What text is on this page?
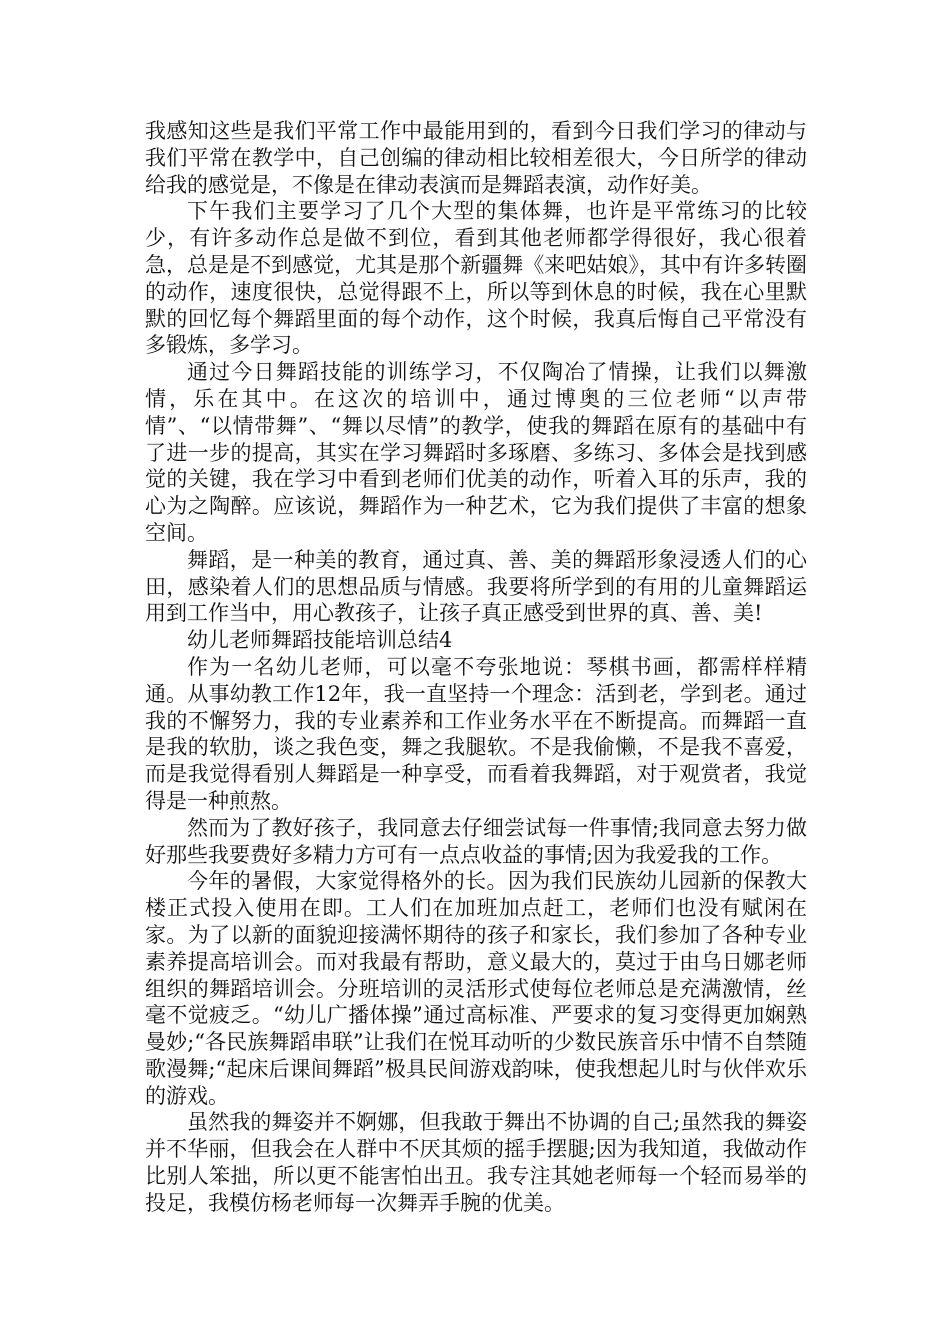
我感知这些是我们平常工作中最能用到的，看到今日我们学习的律动与我们平常在教学中，自己创编的律动相比较相差很大，今日所学的律动给我的感觉是，不像是在律动表演而是舞蹈表演，动作好美。

下午我们主要学习了几个大型的集体舞，也许是平常练习的比较少，有许多动作总是做不到位，看到其他老师都学得很好，我心很着急，总是是不到感觉，尤其是那个新疆舞《来吧姑娘》，其中有许多转圈的动作，速度很快，总觉得跟不上，所以等到休息的时候，我在心里默默的回忆每个舞蹈里面的每个动作，这个时候，我真后悔自己平常没有多锻炼，多学习。

通过今日舞蹈技能的训练学习，不仅陶冶了情操，让我们以舞激情，乐在其中。在这次的培训中，通过博奥的三位老师“以声带情”、“以情带舞”、“舞以尽情”的教学，使我的舞蹈在原有的基础中有了进一步的提高，其实在学习舞蹈时多琢磨、多练习、多体会是找到感觉的关键，我在学习中看到老师们优美的动作，听着入耳的乐声，我的心为之陶醉。应该说，舞蹈作为一种艺术，它为我们提供了丰富的想象空间。

舞蹈，是一种美的教育，通过真、善、美的舞蹈形象浸透人们的心田，感染着人们的思想品质与情感。我要将所学到的有用的儿童舞蹈运用到工作当中，用心教孩子，让孩子真正感受到世界的真、善、美!

幼儿老师舞蹈技能培训总结4

作为一名幼儿老师，可以毫不夸张地说：琴棋书画，都需样样精通。从事幼教工作12年，我一直坚持一个理念：活到老，学到老。通过我的不懈努力，我的专业素养和工作业务水平在不断提高。而舞蹈一直是我的软肋，谈之我色变，舞之我腿软。不是我偷懒，不是我不喜爱，而是我觉得看别人舞蹈是一种享受，而看着我舞蹈，对于观赏者，我觉得是一种煎熬。

然而为了教好孩子，我同意去仔细尝试每一件事情;我同意去努力做好那些我要费好多精力方可有一点点收益的事情;因为我爱我的工作。

今年的暑假，大家觉得格外的长。因为我们民族幼儿园新的保教大楼正式投入使用在即。工人们在加班加点赶工，老师们也没有赋闲在家。为了以新的面貌迎接满怀期待的孩子和家长，我们参加了各种专业素养提高培训会。而对我最有帮助，意义最大的，莫过于由乌日娜老师组织的舞蹈培训会。分班培训的灵活形式使每位老师总是充满激情，丝毫不觉疲乏。“幼儿广播体操”通过高标准、严要求的复习变得更加娴熟曼妙;“各民族舞蹈串联”让我们在悦耳动听的少数民族音乐中情不自禁随歌漫舞;“起床后课间舞蹈”极具民间游戏韵味，使我想起儿时与伙伴欢乐的游戏。

虽然我的舞姿并不婀娜，但我敢于舞出不协调的自己;虽然我的舞姿并不华丽，但我会在人群中不厌其烦的摇手摆腿;因为我知道，我做动作比别人笨拙，所以更不能害怕出丑。我专注其她老师每一个轻而易举的投足，我模仿杨老师每一次舞弄手腕的优美。
